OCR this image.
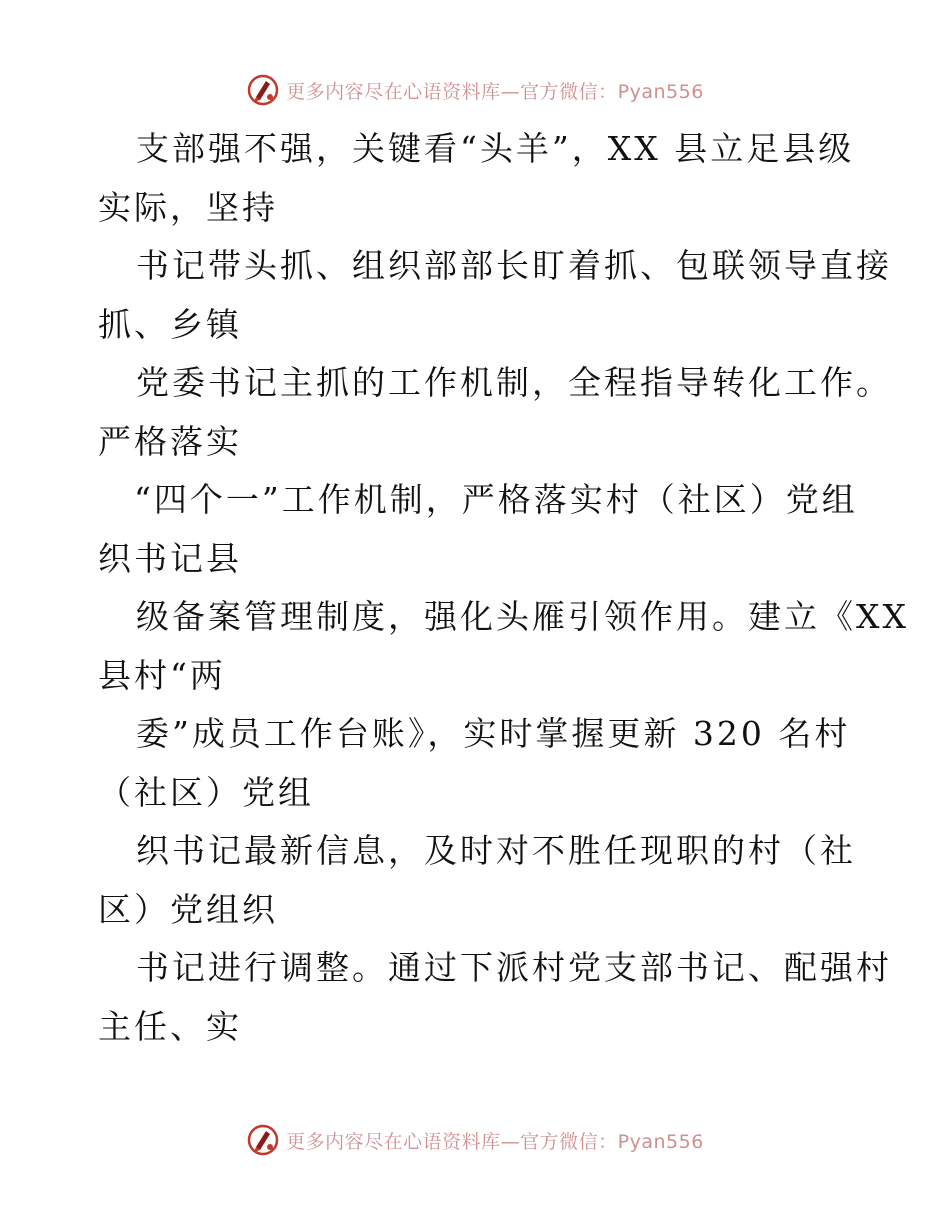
更多内容尽在心语资料库—官方微信：Pyan556
支部强不强，关键看“头羊”，XX 县立足县级
实际，坚持
书记带头抓、组织部部长盯着抓、包联领导直接
抓、乡镇
党委书记主抓的工作机制，全程指导转化工作。
严格落实
“四个一”工作机制，严格落实村（社区）党组
织书记县
级备案管理制度，强化头雁引领作用。建立《XX
县村“两
委”成员工作台账》，实时掌握更新 320 名村
（社区）党组
织书记最新信息，及时对不胜任现职的村（社
区）党组织
书记进行调整。通过下派村党支部书记、配强村
主任、实
更多内容尽在心语资料库—官方微信：Pyan556
